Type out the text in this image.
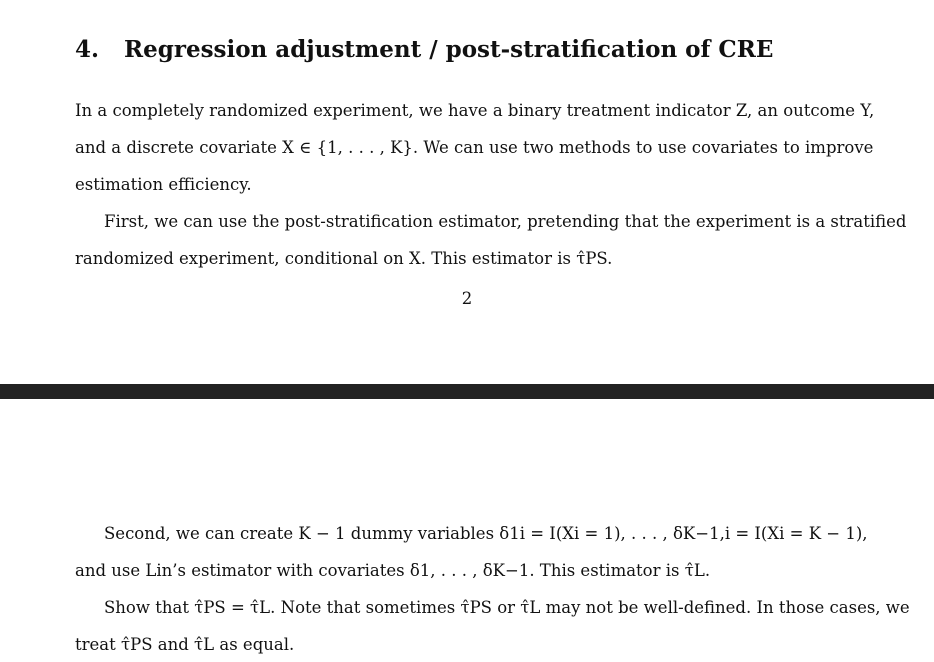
4. Regression adjustment / post-stratification of CRE

In a completely randomized experiment, we have a binary treatment indicator Z, an outcome Y,

and a discrete covariate X ∈ {1, . . . , K}. We can use two methods to use covariates to improve

estimation efficiency.

First, we can use the post-stratification estimator, pretending that the experiment is a stratified

randomized experiment, conditional on X. This estimator is τ̂PS.

2

Second, we can create K − 1 dummy variables δ1i = I(Xi = 1), . . . , δK−1,i = I(Xi = K − 1),

and use Lin’s estimator with covariates δ1, . . . , δK−1. This estimator is τ̂L.

Show that τ̂PS = τ̂L. Note that sometimes τ̂PS or τ̂L may not be well-defined. In those cases, we

treat τ̂PS and τ̂L as equal.
